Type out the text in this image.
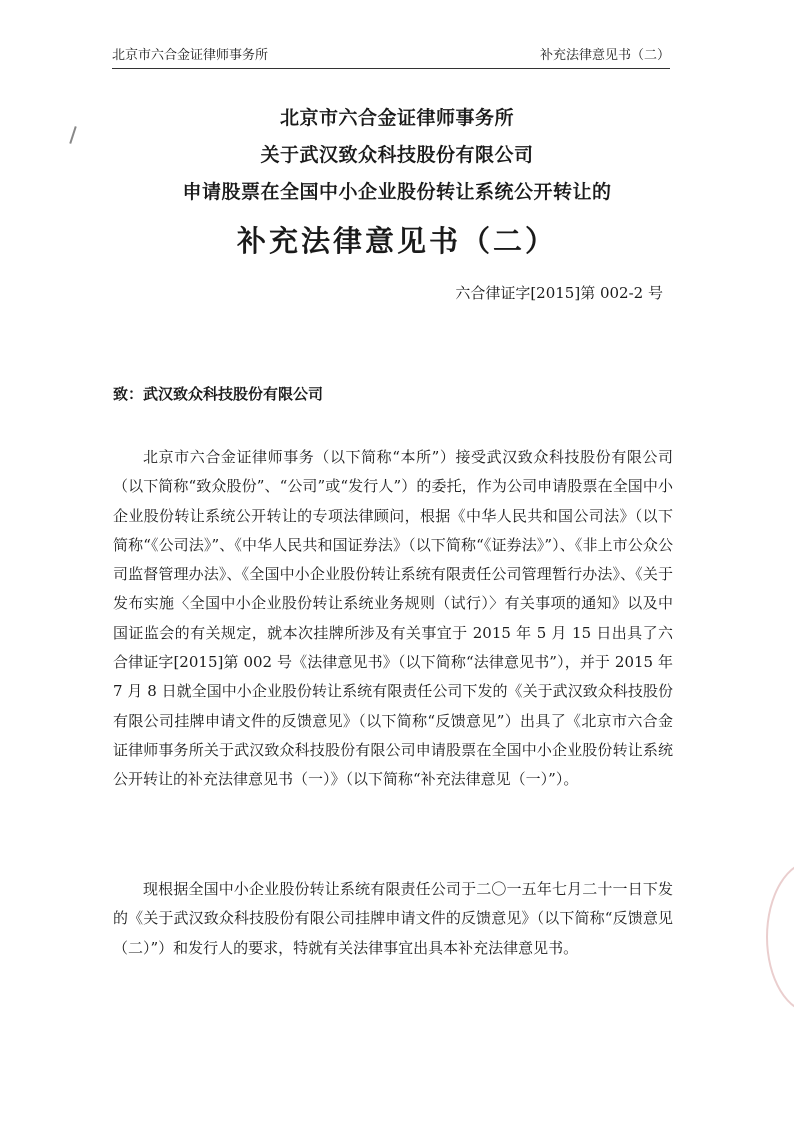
北京市六合金证律师事务所	补充法律意见书（二）
北京市六合金证律师事务所
关于武汉致众科技股份有限公司
申请股票在全国中小企业股份转让系统公开转让的
补充法律意见书（二）
六合律证字[2015]第 002-2 号
致：武汉致众科技股份有限公司

北京市六合金证律师事务（以下简称“本所”）接受武汉致众科技股份有限公司（以下简称“致众股份”、“公司”或“发行人”）的委托，作为公司申请股票在全国中小企业股份转让系统公开转让的专项法律顾问，根据《中华人民共和国公司法》（以下简称“《公司法》”、《中华人民共和国证券法》（以下简称“《证券法》”）、《非上市公众公司监督管理办法》、《全国中小企业股份转让系统有限责任公司管理暂行办法》、《关于发布实施〈全国中小企业股份转让系统业务规则（试行）〉有关事项的通知》以及中国证监会的有关规定，就本次挂牌所涉及有关事宜于 2015 年 5 月 15 日出具了六合律证字[2015]第 002 号《法律意见书》（以下简称“法律意见书”），并于 2015 年 7 月 8 日就全国中小企业股份转让系统有限责任公司下发的《关于武汉致众科技股份有限公司挂牌申请文件的反馈意见》（以下简称“反馈意见”）出具了《北京市六合金证律师事务所关于武汉致众科技股份有限公司申请股票在全国中小企业股份转让系统公开转让的补充法律意见书（一）》（以下简称“补充法律意见（一）”）。

现根据全国中小企业股份转让系统有限责任公司于二〇一五年七月二十一日下发的《关于武汉致众科技股份有限公司挂牌申请文件的反馈意见》（以下简称“反馈意见（二）”）和发行人的要求，特就有关法律事宜出具本补充法律意见书。
